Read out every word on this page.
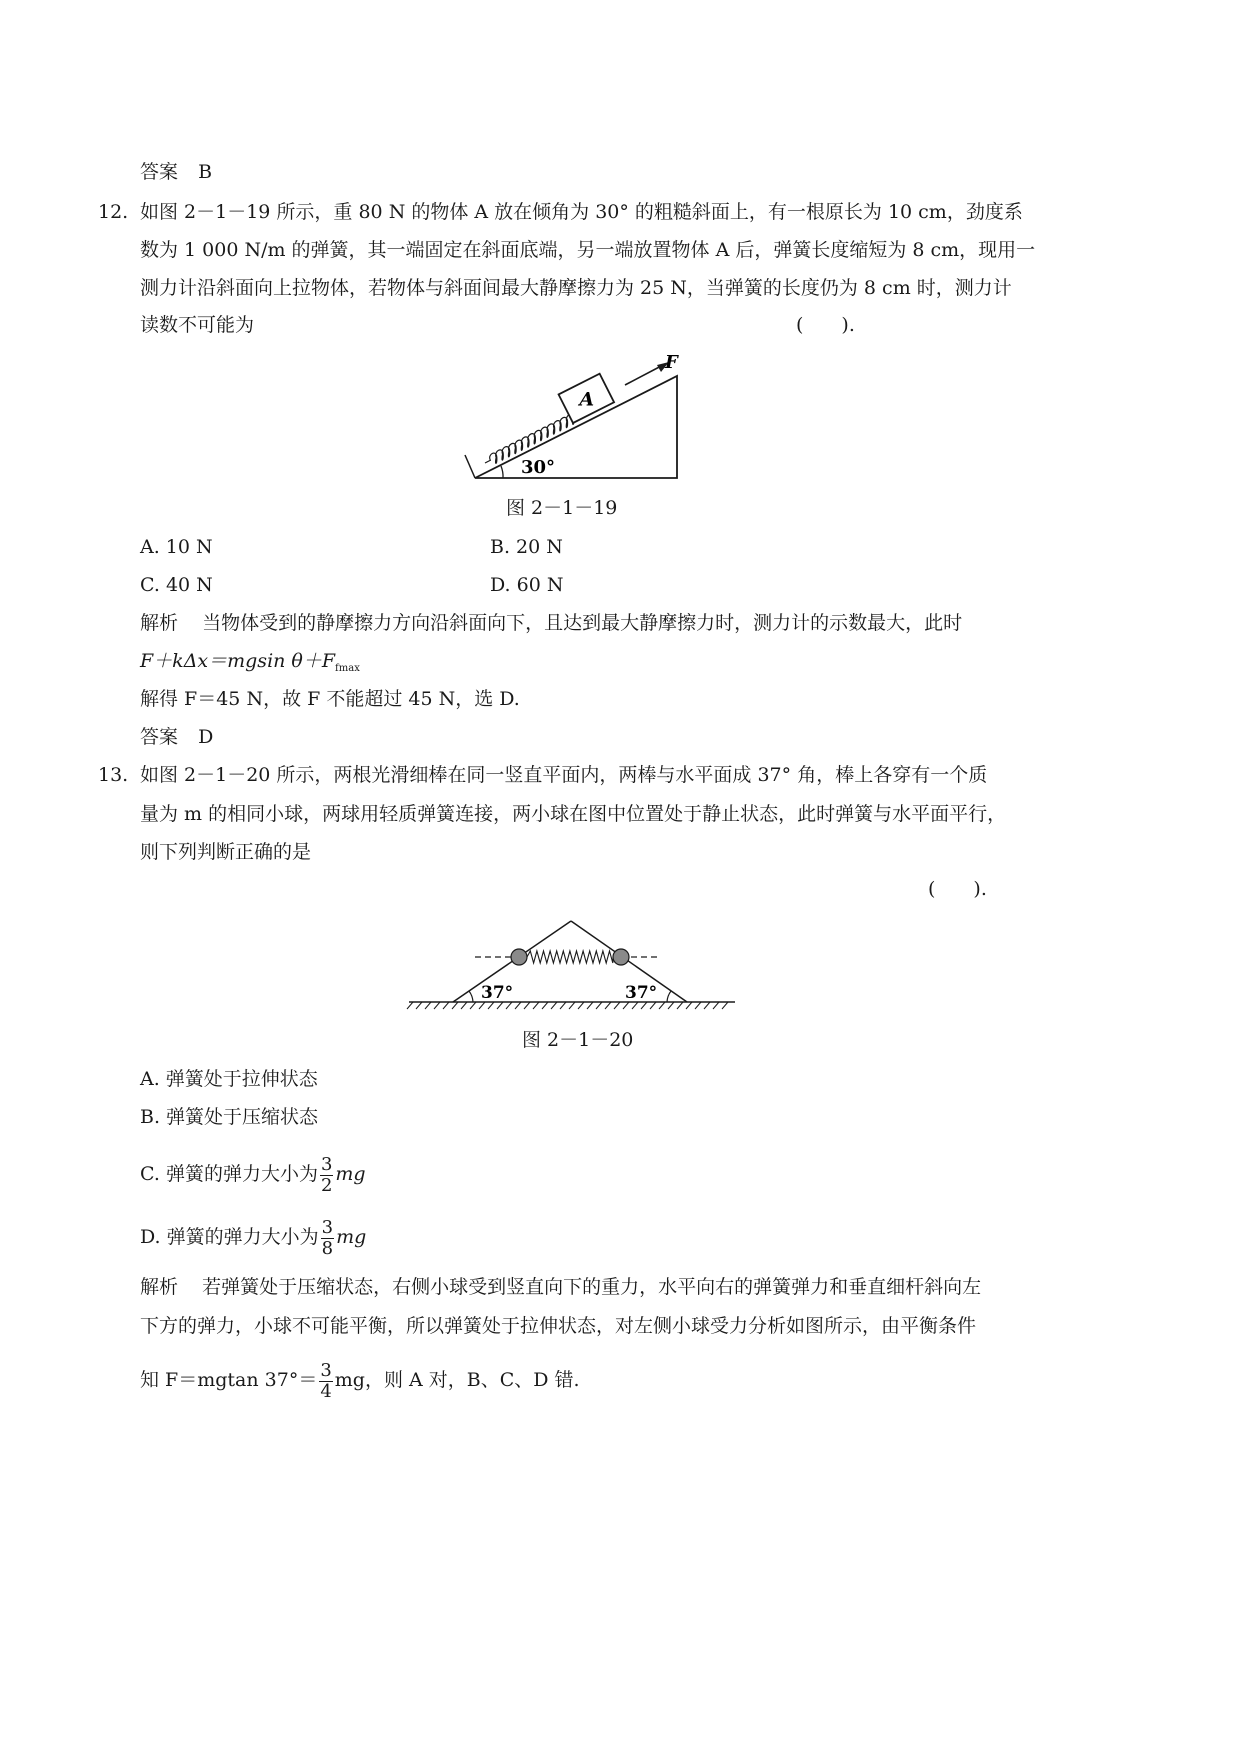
答案 B
12. 如图 2－1－19 所示，重 80 N 的物体 A 放在倾角为 30° 的粗糙斜面上，有一根原长为 10 cm，劲度系
数为 1 000 N/m 的弹簧，其一端固定在斜面底端，另一端放置物体 A 后，弹簧长度缩短为 8 cm，现用一
测力计沿斜面向上拉物体，若物体与斜面间最大静摩擦力为 25 N，当弹簧的长度仍为 8 cm 时，测力计
读数不可能为	(　　).
A
F
30°
图 2－1－19
A. 10 N	B. 20 N
C. 40 N	D. 60 N
解析 当物体受到的静摩擦力方向沿斜面向下，且达到最大静摩擦力时，测力计的示数最大，此时
F＋kΔx＝mgsin $\theta+F_{fmax}$
解得 F＝45 N，故 F 不能超过 45 N，选 D.
答案 D
13. 如图 2－1－20 所示，两根光滑细棒在同一竖直平面内，两棒与水平面成 37° 角，棒上各穿有一个质
量为 m 的相同小球，两球用轻质弹簧连接，两小球在图中位置处于静止状态，此时弹簧与水平面平行，
则下列判断正确的是
(　　).
37°	37°
图 2－1－20
A. 弹簧处于拉伸状态
B. 弹簧处于压缩状态
C. 弹簧的弹力大小为 $\frac{3}{2}$ mg
D. 弹簧的弹力大小为 $\frac{3}{8}$ mg
解析 若弹簧处于压缩状态，右侧小球受到竖直向下的重力，水平向右的弹簧弹力和垂直细杆斜向左
下方的弹力，小球不可能平衡，所以弹簧处于拉伸状态，对左侧小球受力分析如图所示，由平衡条件
知 F＝mgtan $37^\circ= \frac{3}{4}$ mg，则 A 对，B、C、D 错.
